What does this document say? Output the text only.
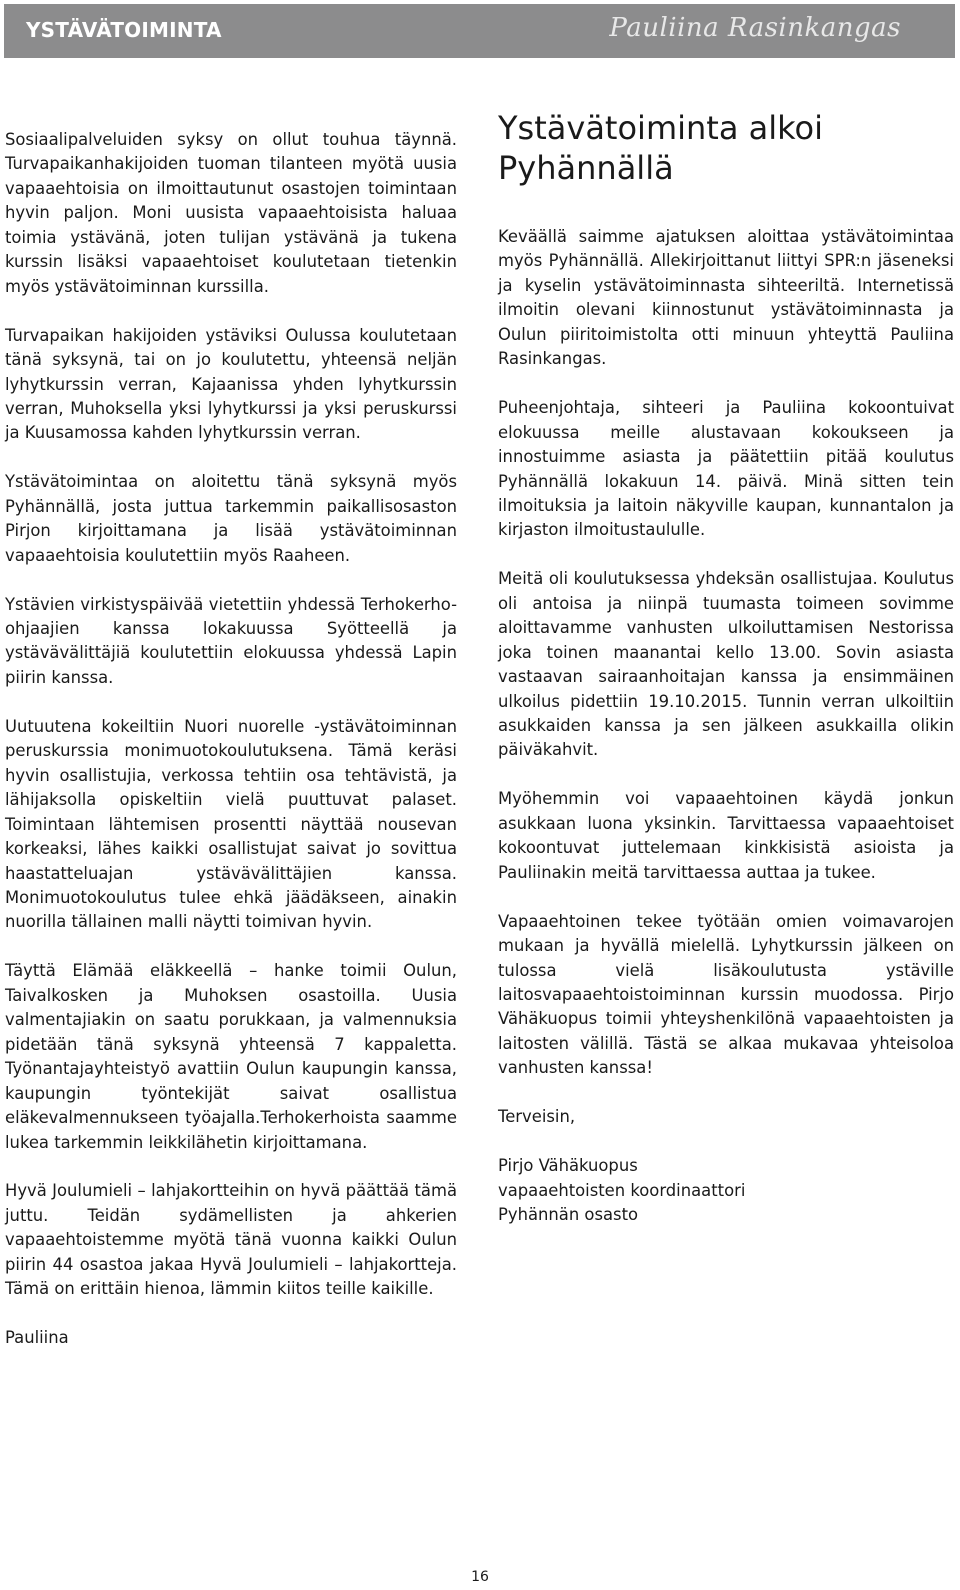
YSTÄVÄTOIMINTA	Pauliina Rasinkangas

Sosiaalipalveluiden syksy on ollut touhua täynnä. Turvapaikanhakijoiden tuoman tilanteen myötä uusia vapaaehtoisia on ilmoittautunut osastojen toimintaan hyvin paljon. Moni uusista vapaaehtoisista haluaa toimia ystävänä, joten tulijan ystävänä ja tukena kurssin lisäksi vapaaehtoiset koulutetaan tietenkin myös ystävätoiminnan kurssilla.

Turvapaikan hakijoiden ystäviksi Oulussa koulutetaan tänä syksynä, tai on jo koulutettu, yhteensä neljän lyhytkurssin verran, Kajaanissa yhden lyhytkurssin verran, Muhoksella yksi lyhytkurssi ja yksi peruskurssi ja Kuusamossa kahden lyhytkurssin verran.

Ystävätoimintaa on aloitettu tänä syksynä myös Pyhännällä, josta juttua tarkemmin paikallisosaston Pirjon kirjoittamana ja lisää ystävätoiminnan vapaaehtoisia koulutettiin myös Raaheen.

Ystävien virkistyspäivää vietettiin yhdessä Terhokerho-ohjaajien kanssa lokakuussa Syötteellä ja ystävävälittäjiä koulutettiin elokuussa yhdessä Lapin piirin kanssa.

Uutuutena kokeiltiin Nuori nuorelle -ystävätoiminnan peruskurssia monimuotokoulutuksena. Tämä keräsi hyvin osallistujia, verkossa tehtiin osa tehtävistä, ja lähijaksolla opiskeltiin vielä puuttuvat palaset. Toimintaan lähtemisen prosentti näyttää nousevan korkeaksi, lähes kaikki osallistujat saivat jo sovittua haastatteluajan ystävävälittäjien kanssa. Monimuotokoulutus tulee ehkä jäädäkseen, ainakin nuorilla tällainen malli näytti toimivan hyvin.

Täyttä Elämää eläkkeellä – hanke toimii Oulun, Taivalkosken ja Muhoksen osastoilla. Uusia valmentajiakin on saatu porukkaan, ja valmennuksia pidetään tänä syksynä yhteensä 7 kappaletta. Työnantajayhteistyö avattiin Oulun kaupungin kanssa, kaupungin työntekijät saivat osallistua eläkevalmennukseen työajalla.Terhokerhoista saamme lukea tarkemmin leikkilähetin kirjoittamana.

Hyvä Joulumieli – lahjakortteihin on hyvä päättää tämä juttu. Teidän sydämellisten ja ahkerien vapaaehtoistemme myötä tänä vuonna kaikki Oulun piirin 44 osastoa jakaa Hyvä Joulumieli – lahjakortteja. Tämä on erittäin hienoa, lämmin kiitos teille kaikille.

Pauliina

Ystävätoiminta alkoi Pyhännällä

Keväällä saimme ajatuksen aloittaa ystävätoimintaa myös Pyhännällä. Allekirjoittanut liittyi SPR:n jäseneksi ja kyselin ystävätoiminnasta sihteeriltä. Internetissä ilmoitin olevani kiinnostunut ystävätoiminnasta ja Oulun piiritoimistolta otti minuun yhteyttä Pauliina Rasinkangas.

Puheenjohtaja, sihteeri ja Pauliina kokoontuivat elokuussa meille alustavaan kokoukseen ja innostuimme asiasta ja päätettiin pitää koulutus Pyhännällä lokakuun 14. päivä. Minä sitten tein ilmoituksia ja laitoin näkyville kaupan, kunnantalon ja kirjaston ilmoitustaululle.

Meitä oli koulutuksessa yhdeksän osallistujaa. Koulutus oli antoisa ja niinpä tuumasta toimeen sovimme aloittavamme vanhusten ulkoiluttamisen Nestorissa joka toinen maanantai kello 13.00. Sovin asiasta vastaavan sairaanhoitajan kanssa ja ensimmäinen ulkoilus pidettiin 19.10.2015. Tunnin verran ulkoiltiin asukkaiden kanssa ja sen jälkeen asukkailla olikin päiväkahvit.

Myöhemmin voi vapaaehtoinen käydä jonkun asukkaan luona yksinkin. Tarvittaessa vapaaehtoiset kokoontuvat juttelemaan kinkkisistä asioista ja Pauliinakin meitä tarvittaessa auttaa ja tukee.

Vapaaehtoinen tekee työtään omien voimavarojen mukaan ja hyvällä mielellä. Lyhytkurssin jälkeen on tulossa vielä lisäkoulutusta ystäville laitosvapaaehtoistoiminnan kurssin muodossa. Pirjo Vähäkuopus toimii yhteyshenkilönä vapaaehtoisten ja laitosten välillä. Tästä se alkaa mukavaa yhteisoloa vanhusten kanssa!

Terveisin,

Pirjo Vähäkuopus

vapaaehtoisten koordinaattori

Pyhännän osasto

16
